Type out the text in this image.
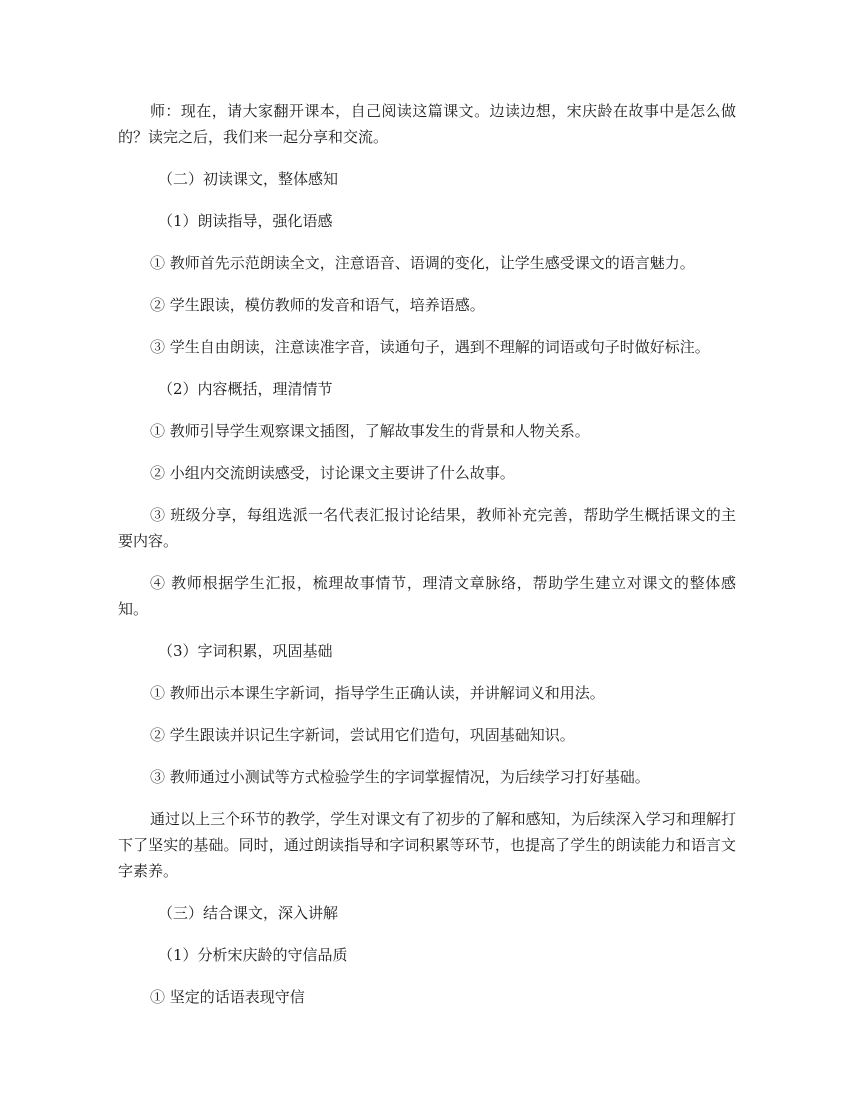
师：现在，请大家翻开课本，自己阅读这篇课文。边读边想，宋庆龄在故事中是怎么做的？读完之后，我们来一起分享和交流。

（二）初读课文，整体感知

（1）朗读指导，强化语感

① 教师首先示范朗读全文，注意语音、语调的变化，让学生感受课文的语言魅力。

② 学生跟读，模仿教师的发音和语气，培养语感。

③ 学生自由朗读，注意读准字音，读通句子，遇到不理解的词语或句子时做好标注。

（2）内容概括，理清情节

① 教师引导学生观察课文插图，了解故事发生的背景和人物关系。

② 小组内交流朗读感受，讨论课文主要讲了什么故事。

③ 班级分享，每组选派一名代表汇报讨论结果，教师补充完善，帮助学生概括课文的主要内容。

④ 教师根据学生汇报，梳理故事情节，理清文章脉络，帮助学生建立对课文的整体感知。

（3）字词积累，巩固基础

① 教师出示本课生字新词，指导学生正确认读，并讲解词义和用法。

② 学生跟读并识记生字新词，尝试用它们造句，巩固基础知识。

③ 教师通过小测试等方式检验学生的字词掌握情况，为后续学习打好基础。

通过以上三个环节的教学，学生对课文有了初步的了解和感知，为后续深入学习和理解打下了坚实的基础。同时，通过朗读指导和字词积累等环节，也提高了学生的朗读能力和语言文字素养。

（三）结合课文，深入讲解

（1）分析宋庆龄的守信品质

① 坚定的话语表现守信
